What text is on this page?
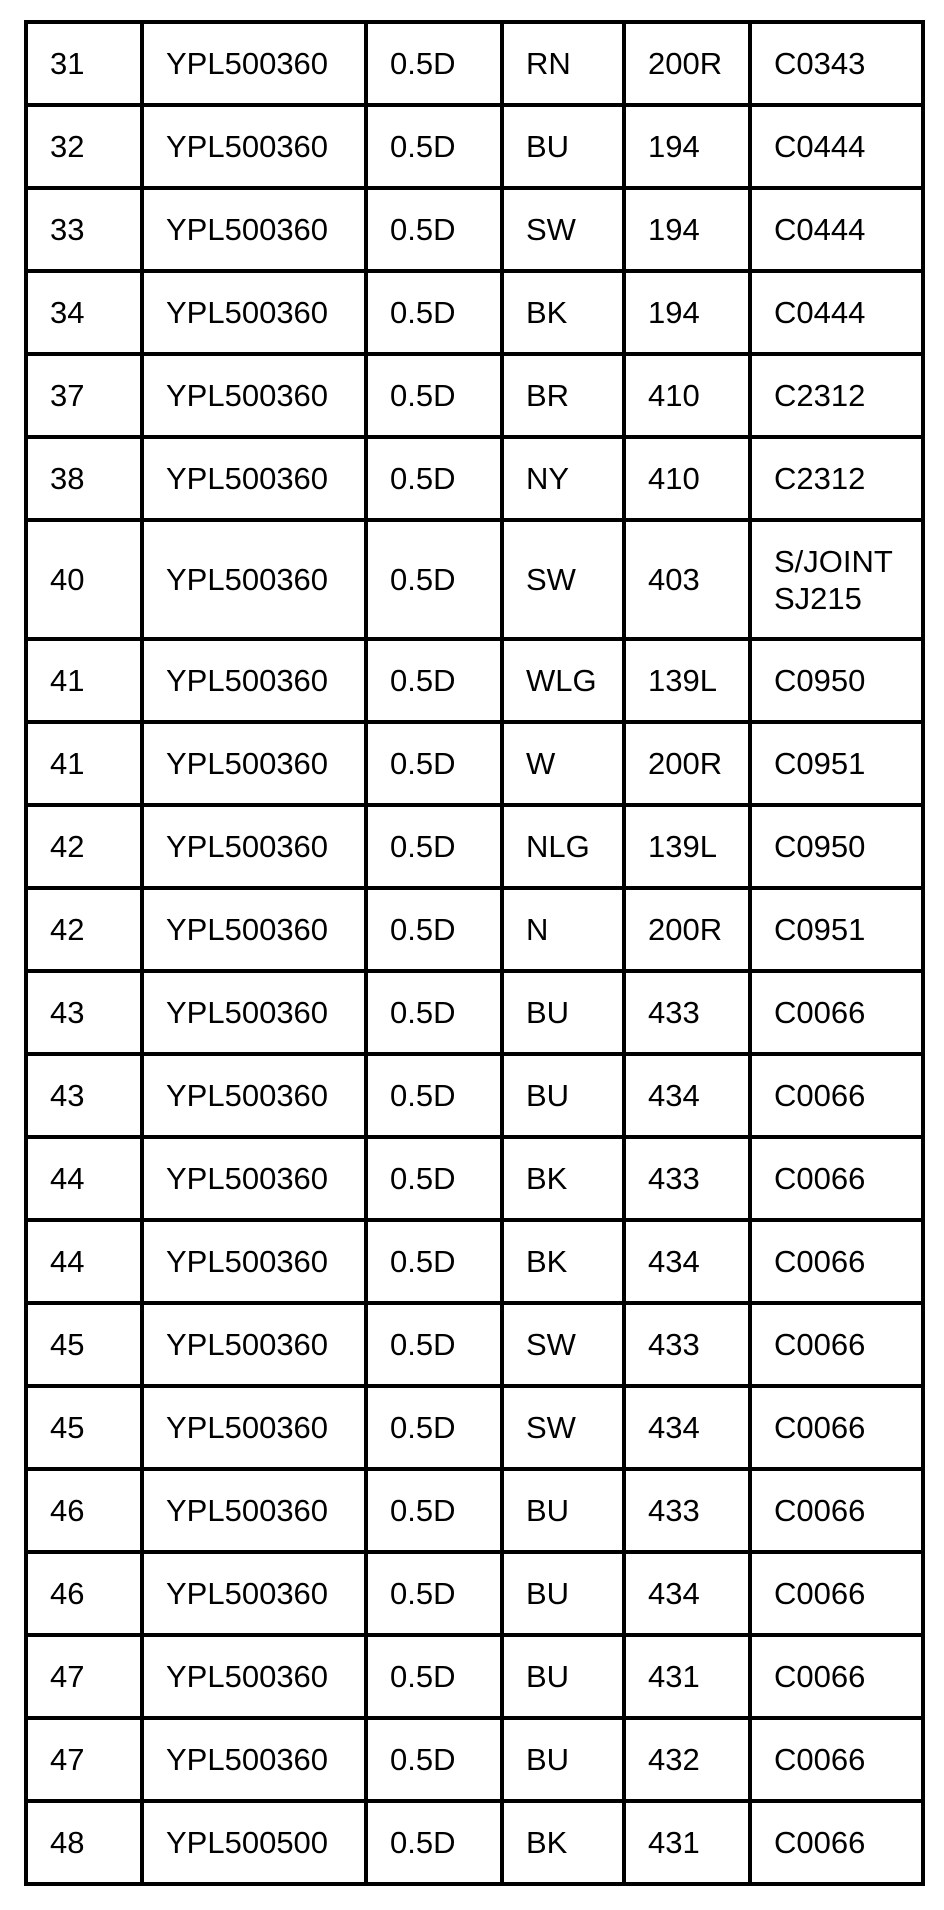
31	YPL500360	0.5D	RN	200R	C0343
32	YPL500360	0.5D	BU	194	C0444
33	YPL500360	0.5D	SW	194	C0444
34	YPL500360	0.5D	BK	194	C0444
37	YPL500360	0.5D	BR	410	C2312
38	YPL500360	0.5D	NY	410	C2312
40	YPL500360	0.5D	SW	403	S/JOINT
SJ215
41	YPL500360	0.5D	WLG	139L	C0950
41	YPL500360	0.5D	W	200R	C0951
42	YPL500360	0.5D	NLG	139L	C0950
42	YPL500360	0.5D	N	200R	C0951
43	YPL500360	0.5D	BU	433	C0066
43	YPL500360	0.5D	BU	434	C0066
44	YPL500360	0.5D	BK	433	C0066
44	YPL500360	0.5D	BK	434	C0066
45	YPL500360	0.5D	SW	433	C0066
45	YPL500360	0.5D	SW	434	C0066
46	YPL500360	0.5D	BU	433	C0066
46	YPL500360	0.5D	BU	434	C0066
47	YPL500360	0.5D	BU	431	C0066
47	YPL500360	0.5D	BU	432	C0066
48	YPL500500	0.5D	BK	431	C0066
